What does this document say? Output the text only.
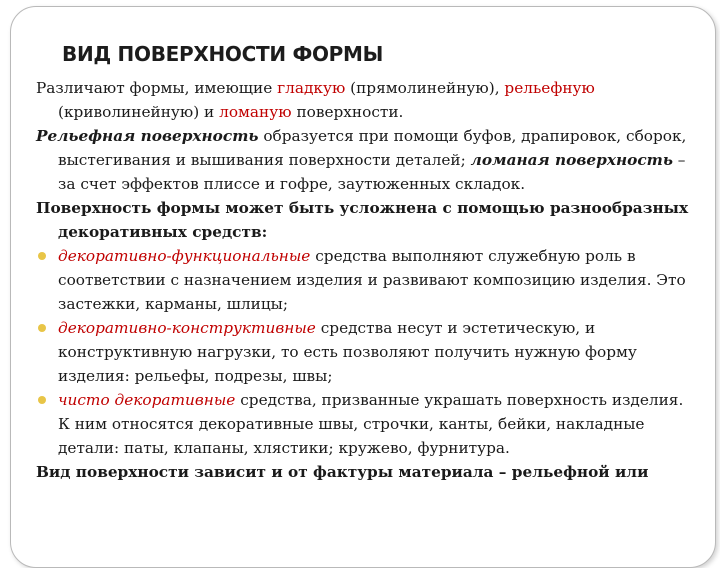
ВИД ПОВЕРХНОСТИ ФОРМЫ
Различают формы, имеющие гладкую (прямолинейную), рельефную (криволинейную) и ломаную поверхности.
Рельефная поверхность образуется при помощи буфов, драпировок, сборок, выстегивания и вышивания поверхности деталей; ломаная поверхность – за счет эффектов плиссе и гофре, заутюженных складок.
Поверхность формы может быть усложнена с помощью разнообразных декоративных средств:
декоративно-функциональные средства выполняют служебную роль в соответствии с назначением изделия и развивают композицию изделия. Это застежки, карманы, шлицы;
декоративно-конструктивные средства несут и эстетическую, и конструктивную нагрузки, то есть позволяют получить нужную форму изделия: рельефы, подрезы, швы;
чисто декоративные средства, призванные украшать поверхность изделия. К ним относятся декоративные швы, строчки, канты, бейки, накладные детали: паты, клапаны, хлястики; кружево, фурнитура.
Вид поверхности зависит и от фактуры материала – рельефной или
